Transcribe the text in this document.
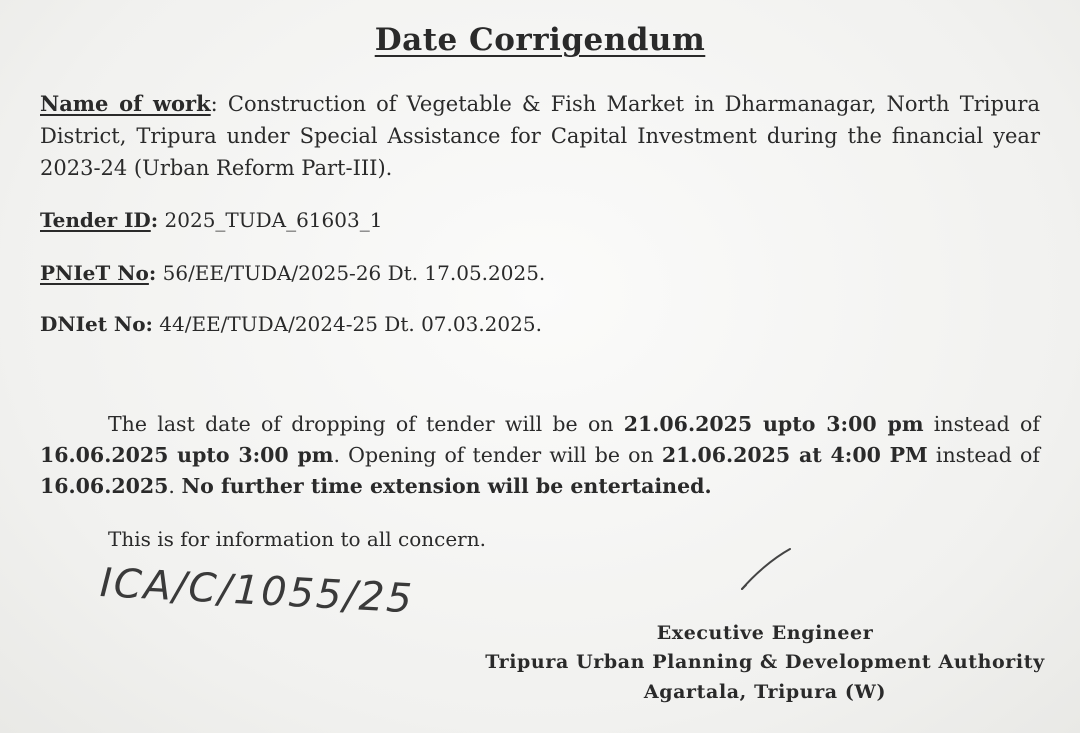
Date Corrigendum
Name of work: Construction of Vegetable & Fish Market in Dharmanagar, North Tripura District, Tripura under Special Assistance for Capital Investment during the financial year 2023-24 (Urban Reform Part-III).
Tender ID: 2025_TUDA_61603_1
PNIeT No: 56/EE/TUDA/2025-26 Dt. 17.05.2025.
DNIet No: 44/EE/TUDA/2024-25 Dt. 07.03.2025.
The last date of dropping of tender will be on 21.06.2025 upto 3:00 pm instead of 16.06.2025 upto 3:00 pm. Opening of tender will be on 21.06.2025 at 4:00 PM instead of 16.06.2025. No further time extension will be entertained.
This is for information to all concern.
ICA/C/1055/25
Executive Engineer
Tripura Urban Planning & Development Authority
Agartala, Tripura (W)
